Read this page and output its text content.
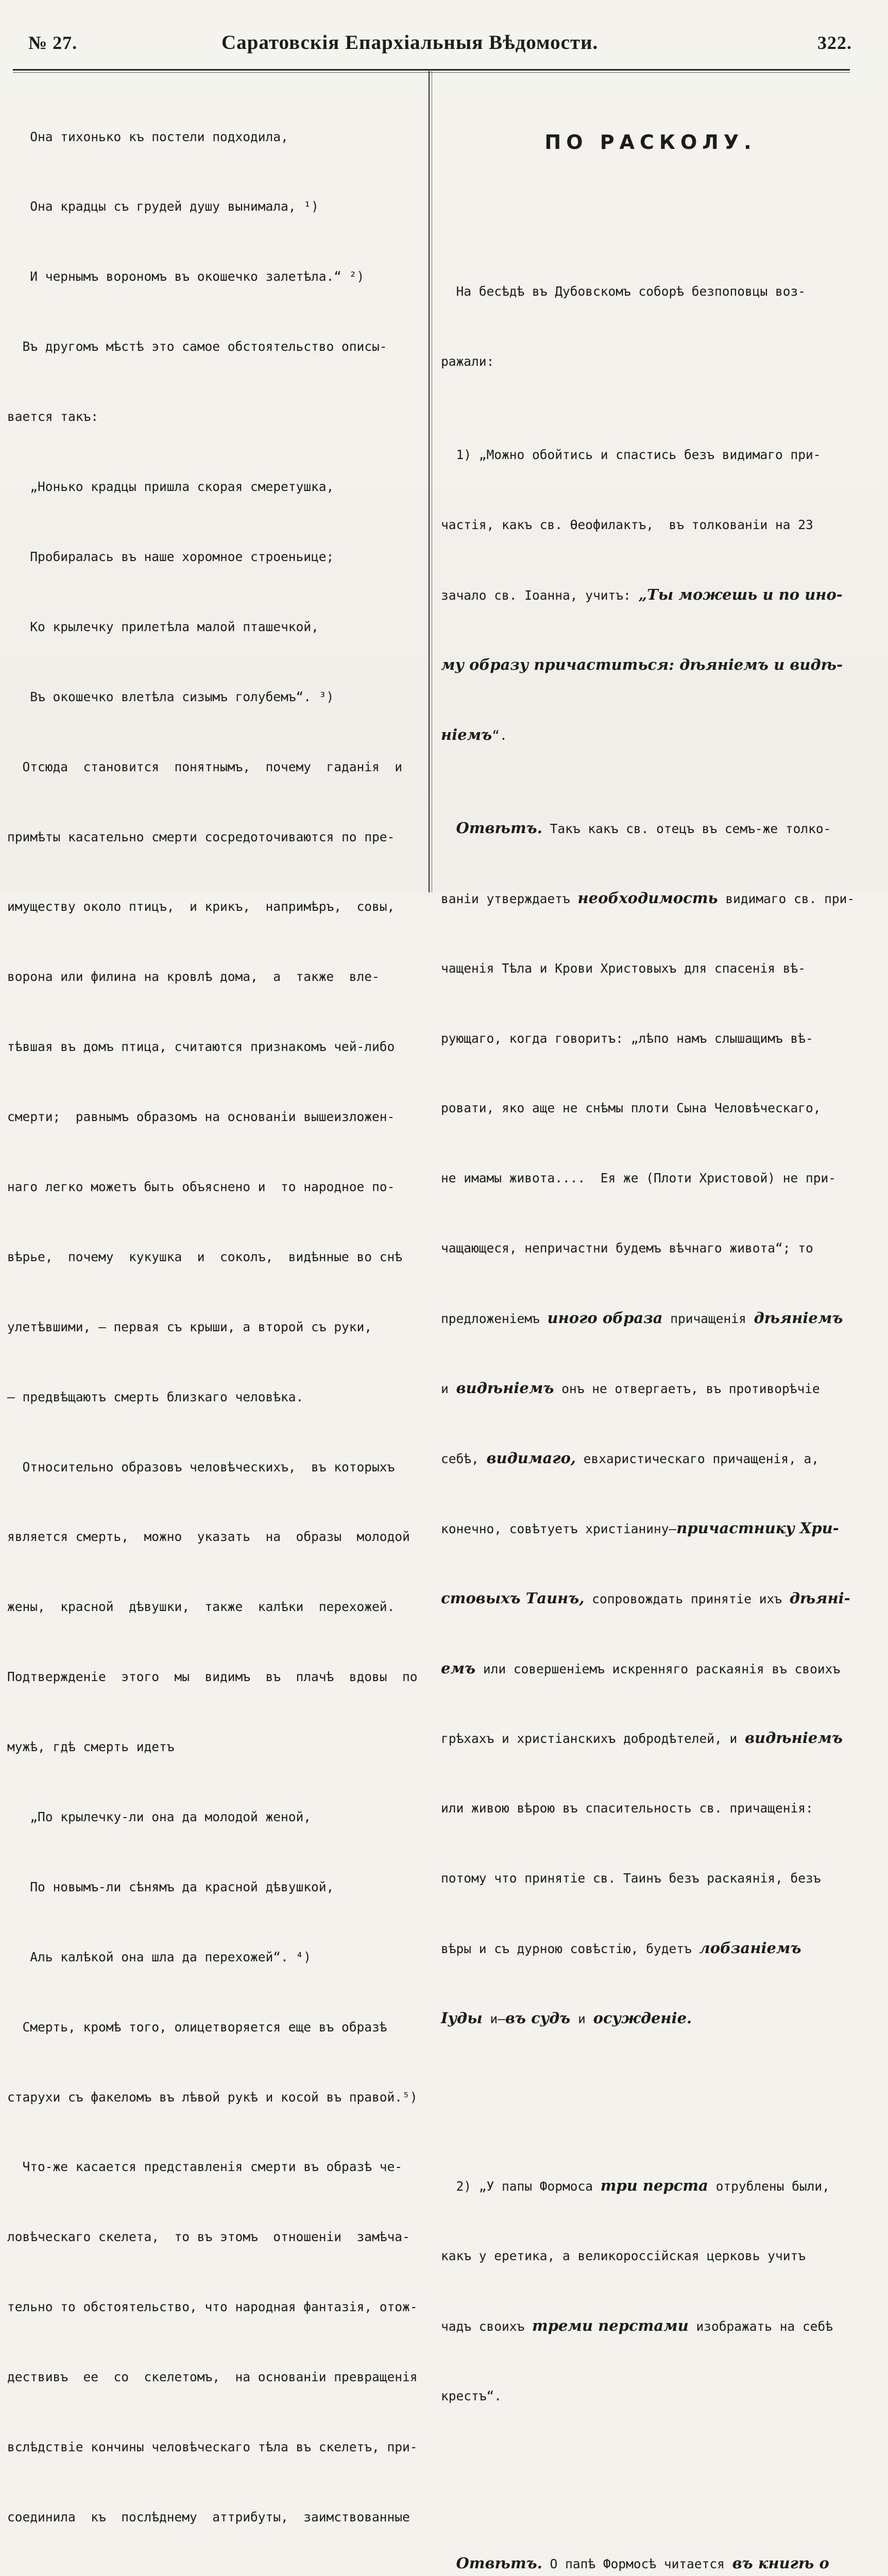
№ 27.	Саратовскія Епархіальныя Вѣдомости.	322.

Она тихонько къ постели подходила,

Она крадцы съ грудей душу вынимала, ¹)

И чернымъ ворономъ въ окошечко залетѣла.“ ²)

Въ другомъ мѣстѣ это самое обстоятельство описы-

вается такъ:

„Нонько крадцы пришла скорая смеретушка,

Пробиралась въ наше хоромное строеньице;

Ко крылечку прилетѣла малой пташечкой,

Въ окошечко влетѣла сизымъ голубемъ“. ³)

Отсюда  становится  понятнымъ,  почему  гаданія  и

примѣты касательно смерти сосредоточиваются по пре-

имуществу около птицъ,  и крикъ,  напримѣръ,  совы,

ворона или филина на кровлѣ дома,  а  также  вле-

тѣвшая въ домъ птица, считаются признакомъ чей-либо

смерти;  равнымъ образомъ на основаніи вышеизложен-

наго легко можетъ быть объяснено и  то народное по-

вѣрье,  почему  кукушка  и  соколъ,  видѣнные во снѣ

улетѣвшими, — первая съ крыши, а второй съ руки,

— предвѣщаютъ смерть близкаго человѣка.

Относительно образовъ человѣческихъ,  въ которыхъ

является смерть,  можно  указать  на  образы  молодой

жены,  красной  дѣвушки,  также  калѣки  перехожей.

Подтвержденіе  этого  мы  видимъ  въ  плачѣ  вдовы  по

мужѣ, гдѣ смерть идетъ

„По крылечку-ли она да молодой женой,

По новымъ-ли сѣнямъ да красной дѣвушкой,

Аль калѣкой она шла да перехожей“. ⁴)

Смерть, кромѣ того, олицетворяется еще въ образѣ

старухи съ факеломъ въ лѣвой рукѣ и косой въ правой.⁵)

Что-же касается представленія смерти въ образѣ че-

ловѣческаго скелета,  то въ этомъ  отношеніи  замѣча-

тельно то обстоятельство, что народная фантазія, отож-

дествивъ  ее  со  скелетомъ,  на основаніи превращенія

вслѣдствіе кончины человѣческаго тѣла въ скелетъ, при-

соединила  къ  послѣднему  аттрибуты,  заимствованные

ПО РАСКОЛУ.

На бесѣдѣ въ Дубовскомъ соборѣ безпоповцы воз-

ражали:

1) „Можно обойтись и спастись безъ видимаго при-

частія, какъ св. Ѳеофилактъ,  въ толкованіи на 23

зачало св. Іоанна, учитъ: „Ты можешь и по ино-

му образу причаститься: дѣяніемъ и видѣ-

ніемъ“.

Отвѣтъ. Такъ какъ св. отецъ въ семъ-же толко-

ваніи утверждаетъ необходимость видимаго св. при-

чащенія Тѣла и Крови Христовыхъ для спасенія вѣ-

рующаго, когда говоритъ: „лѣпо намъ слышащимъ вѣ-

ровати, яко аще не снѣмы плоти Сына Человѣческаго,

не имамы живота....  Ея же (Плоти Христовой) не при-

чащающеся, непричастни будемъ вѣчнаго живота“; то

предложеніемъ иного образа причащенія дѣяніемъ

и видѣніемъ онъ не отвергаетъ, въ противорѣчіе

себѣ, видимаго, евхаристическаго причащенія, а,

конечно, совѣтуетъ христіанину—причастнику Хри-

стовыхъ Таинъ, сопровождать принятіе ихъ дѣяні-

емъ или совершеніемъ искренняго раскаянія въ своихъ

грѣхахъ и христіанскихъ добродѣтелей, и видѣніемъ

или живою вѣрою въ спасительность св. причащенія:

потому что принятіе св. Таинъ безъ раскаянія, безъ

вѣры и съ дурною совѣстію, будетъ лобзаніемъ

Іуды и—въ судъ и осужденіе.

2) „У папы Формоса три перста отрублены были,

какъ у еретика, а великороссійская церковь учитъ

чадъ своихъ треми перстами изображать на себѣ

крестъ“.

Отвѣтъ. О папѣ Формосѣ читается въ книгѣ о
